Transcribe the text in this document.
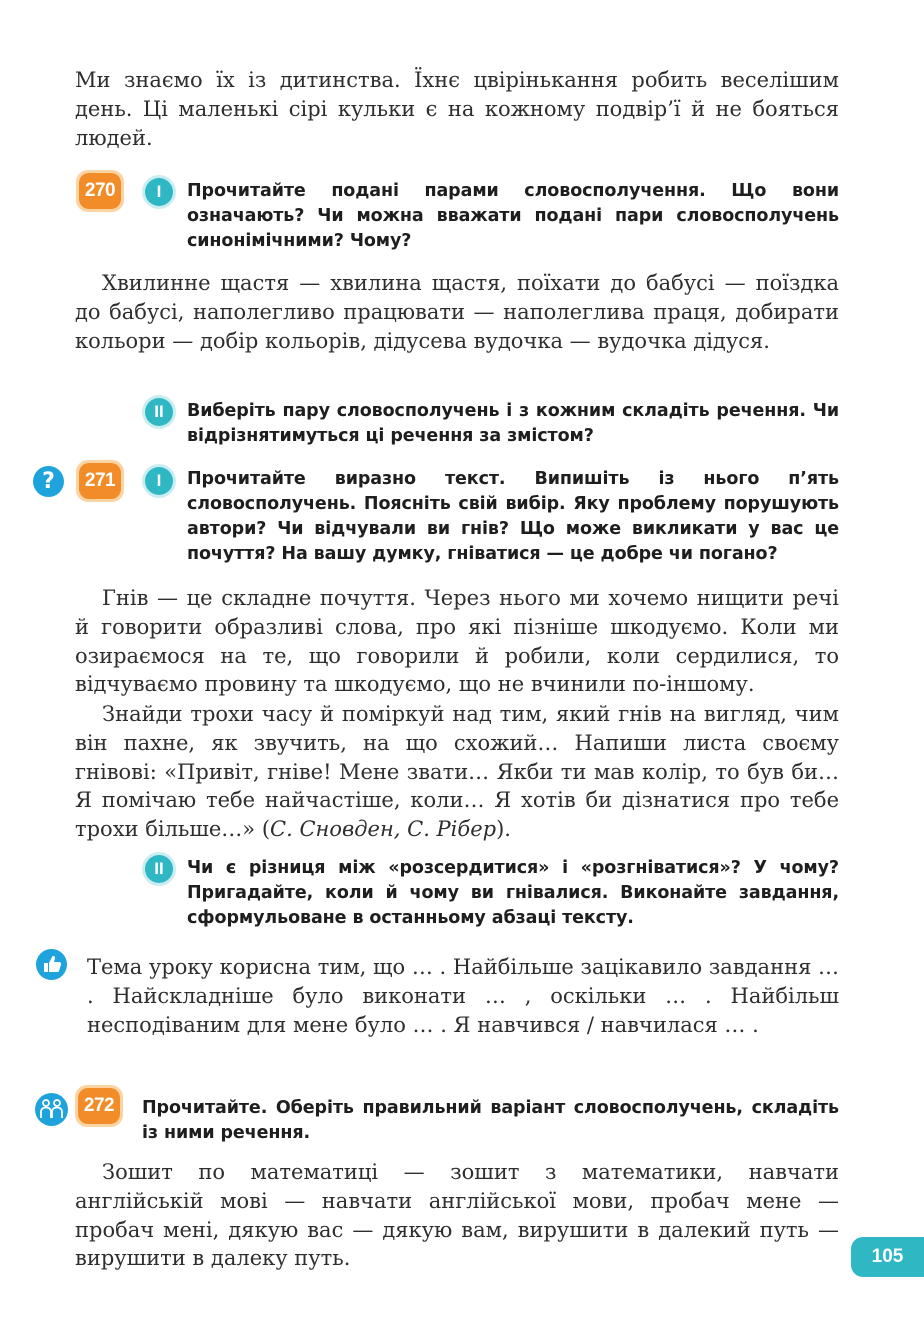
Ми знаємо їх із дитинства. Їхнє цвірінькання робить веселішим день. Ці маленькі сірі кульки є на кожному подвір’ї й не бояться людей.

270	I	Прочитайте подані парами словосполучення. Що вони означають? Чи можна вважати подані пари словосполучень синонімічними? Чому?

Хвилинне щастя — хвилина щастя, поїхати до бабусі — поїздка до бабусі, наполегливо працювати — наполеглива праця, добирати кольори — добір кольорів, дідусева вудочка — вудочка дідуся.

II	Виберіть пару словосполучень і з кожним складіть речення. Чи відрізнятимуться ці речення за змістом?

?	271	I	Прочитайте виразно текст. Випишіть із нього п’ять словосполучень. Поясніть свій вибір. Яку проблему порушують автори? Чи відчували ви гнів? Що може викликати у вас це почуття? На вашу думку, гніватися — це добре чи погано?

Гнів — це складне почуття. Через нього ми хочемо нищити речі й говорити образливі слова, про які пізніше шкодуємо. Коли ми озираємося на те, що говорили й робили, коли сердилися, то відчуваємо провину та шкодуємо, що не вчинили по-іншому.

Знайди трохи часу й поміркуй над тим, який гнів на вигляд, чим він пахне, як звучить, на що схожий… Напиши листа своєму гнівові: «Привіт, гніве! Мене звати… Якби ти мав колір, то був би… Я помічаю тебе найчастіше, коли… Я хотів би дізнатися про тебе трохи більше…» (С. Сновден, С. Рібер).

II	Чи є різниця між «розсердитися» і «розгніватися»? У чому? Пригадайте, коли й чому ви гнівалися. Виконайте завдання, сформульоване в останньому абзаці тексту.

Тема уроку корисна тим, що … . Найбільше зацікавило завдання … . Найскладніше було виконати … , оскільки … . Найбільш несподіваним для мене було … . Я навчився / навчилася … .

272	Прочитайте. Оберіть правильний варіант словосполучень, складіть із ними речення.

Зошит по математиці — зошит з математики, навчати англійській мові — навчати англійської мови, пробач мене — пробач мені, дякую вас — дякую вам, вирушити в далекий путь — вирушити в далеку путь.	105
